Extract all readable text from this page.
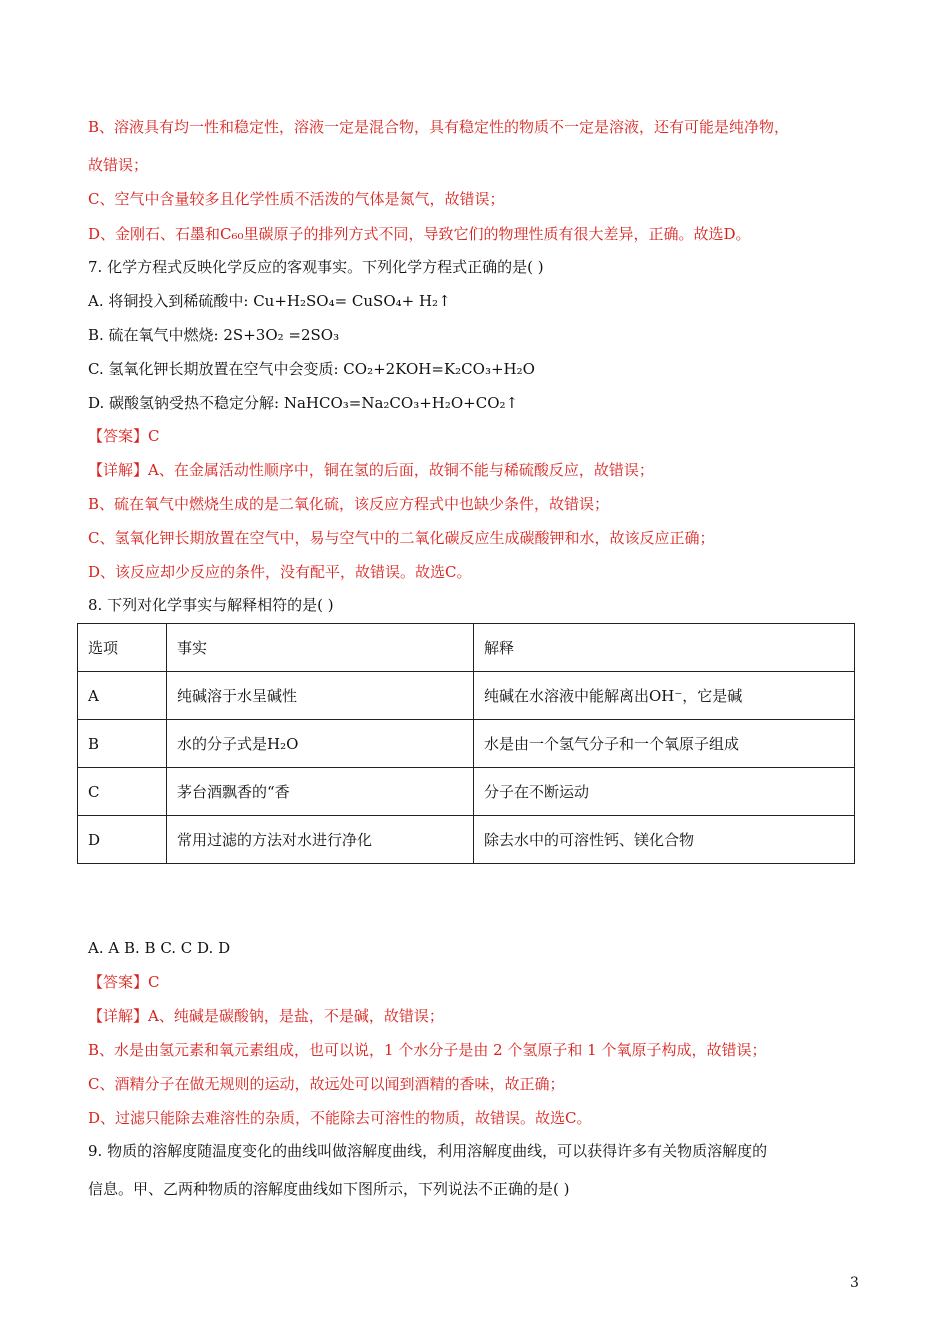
B、溶液具有均一性和稳定性，溶液一定是混合物，具有稳定性的物质不一定是溶液，还有可能是纯净物，
故错误；
C、空气中含量较多且化学性质不活泼的气体是氮气，故错误；
D、金刚石、石墨和C₆₀里碳原子的排列方式不同，导致它们的物理性质有很大差异，正确。故选D。
7. 化学方程式反映化学反应的客观事实。下列化学方程式正确的是( )
A. 将铜投入到稀硫酸中: Cu+H₂SO₄= CuSO₄+ H₂↑
B. 硫在氧气中燃烧: 2S+3O₂ =2SO₃
C. 氢氧化钾长期放置在空气中会变质: CO₂+2KOH=K₂CO₃+H₂O
D. 碳酸氢钠受热不稳定分解: NaHCO₃=Na₂CO₃+H₂O+CO₂↑
【答案】C
【详解】A、在金属活动性顺序中，铜在氢的后面，故铜不能与稀硫酸反应，故错误；
B、硫在氧气中燃烧生成的是二氧化硫，该反应方程式中也缺少条件，故错误；
C、氢氧化钾长期放置在空气中，易与空气中的二氧化碳反应生成碳酸钾和水，故该反应正确；
D、该反应却少反应的条件，没有配平，故错误。故选C。
8. 下列对化学事实与解释相符的是( )
A. A B. B C. C D. D
【答案】C
【详解】A、纯碱是碳酸钠，是盐，不是碱，故错误；
B、水是由氢元素和氧元素组成，也可以说，1 个水分子是由 2 个氢原子和 1 个氧原子构成，故错误；
C、酒精分子在做无规则的运动，故远处可以闻到酒精的香味，故正确；
D、过滤只能除去难溶性的杂质，不能除去可溶性的物质，故错误。故选C。
9. 物质的溶解度随温度变化的曲线叫做溶解度曲线，利用溶解度曲线，可以获得许多有关物质溶解度的
信息。甲、乙两种物质的溶解度曲线如下图所示，下列说法不正确的是( )
选项	事实	解释
A	纯碱溶于水呈碱性	纯碱在水溶液中能解离出OH⁻，它是碱
B	水的分子式是H₂O	水是由一个氢气分子和一个氧原子组成
C	茅台酒飘香的“香	分子在不断运动
D	常用过滤的方法对水进行净化	除去水中的可溶性钙、镁化合物
3
